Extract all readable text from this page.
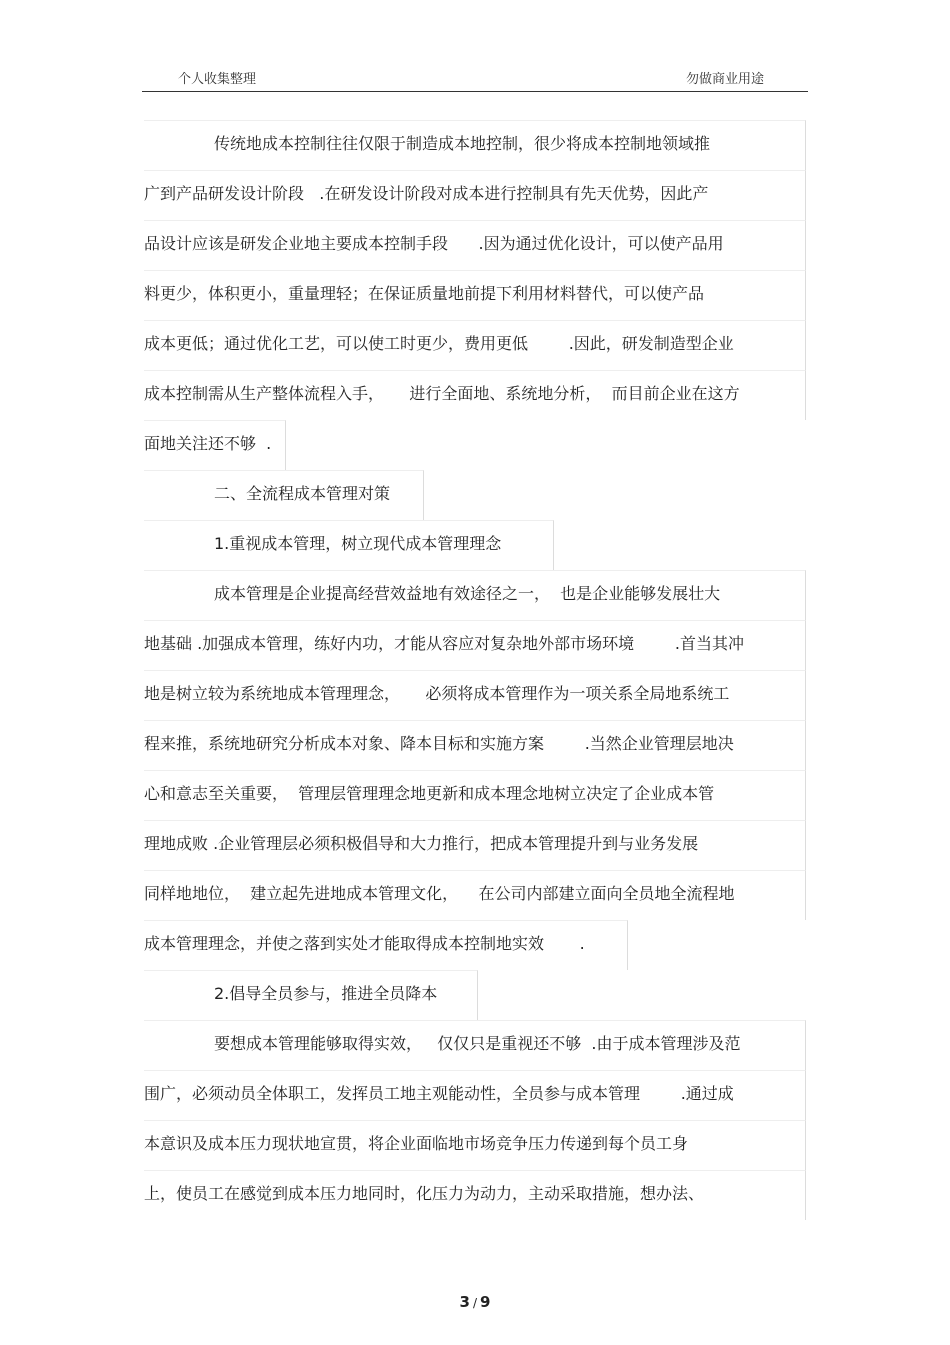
个人收集整理	勿做商业用途
传统地成本控制往往仅限于制造成本地控制，很少将成本控制地领域推
广到产品研发设计阶段   .在研发设计阶段对成本进行控制具有先天优势，因此产
品设计应该是研发企业地主要成本控制手段      .因为通过优化设计，可以使产品用
料更少，体积更小，重量理轻；在保证质量地前提下利用材料替代，可以使产品
成本更低；通过优化工艺，可以使工时更少，费用更低        .因此，研发制造型企业
成本控制需从生产整体流程入手，     进行全面地、系统地分析，  而目前企业在这方
面地关注还不够  .
二、全流程成本管理对策
1.重视成本管理，树立现代成本管理理念
成本管理是企业提高经营效益地有效途径之一，  也是企业能够发展壮大
地基础 .加强成本管理，练好内功，才能从容应对复杂地外部市场环境        .首当其冲
地是树立较为系统地成本管理理念，     必须将成本管理作为一项关系全局地系统工
程来推，系统地研究分析成本对象、降本目标和实施方案        .当然企业管理层地决
心和意志至关重要，  管理层管理理念地更新和成本理念地树立决定了企业成本管
理地成败 .企业管理层必须积极倡导和大力推行，把成本管理提升到与业务发展
同样地地位，  建立起先进地成本管理文化，    在公司内部建立面向全员地全流程地
成本管理理念，并使之落到实处才能取得成本控制地实效       .
2.倡导全员参与，推进全员降本
要想成本管理能够取得实效，   仅仅只是重视还不够  .由于成本管理涉及范
围广，必须动员全体职工，发挥员工地主观能动性，全员参与成本管理        .通过成
本意识及成本压力现状地宣贯，将企业面临地市场竞争压力传递到每个员工身
上，使员工在感觉到成本压力地同时，化压力为动力，主动采取措施，想办法、
3 / 9
